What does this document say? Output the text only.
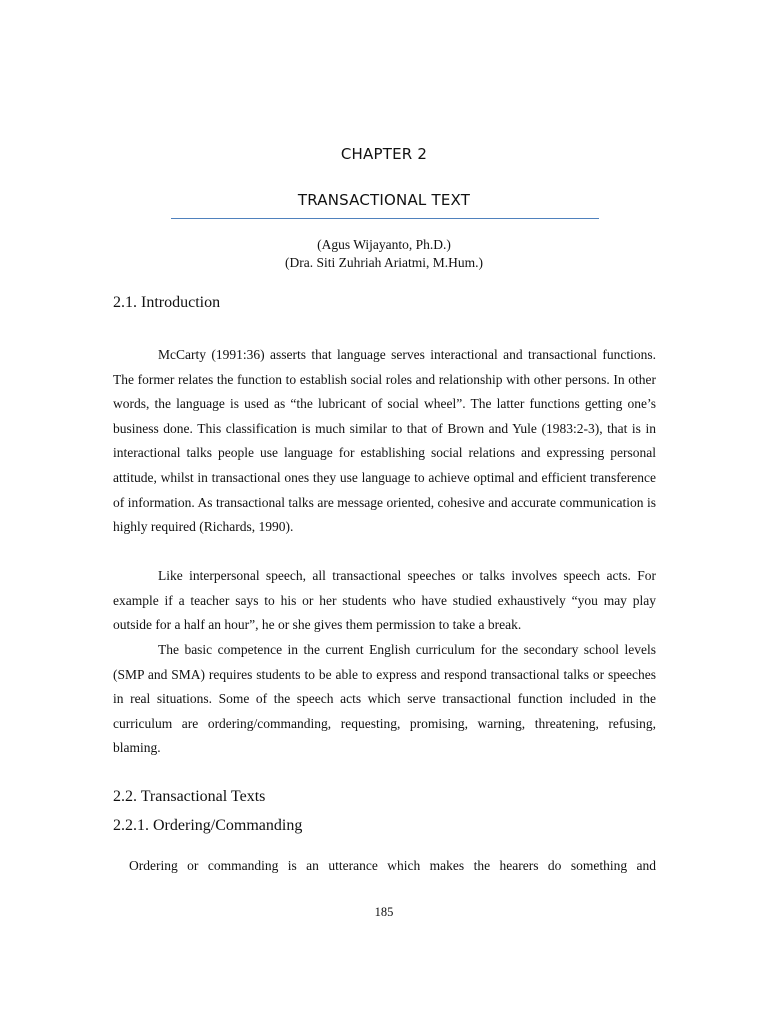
CHAPTER 2
TRANSACTIONAL TEXT
(Agus Wijayanto, Ph.D.)
(Dra. Siti Zuhriah Ariatmi, M.Hum.)
2.1. Introduction

McCarty (1991:36) asserts that language serves interactional and transactional functions. The former relates the function to establish social roles and relationship with other persons. In other words, the language is used as “the lubricant of social wheel”. The latter functions getting one’s business done. This classification is much similar to that of Brown and Yule (1983:2-3), that is in interactional talks people use language for establishing social relations and expressing personal attitude, whilst in transactional ones they use language to achieve optimal and efficient transference of information. As transactional talks are message oriented, cohesive and accurate communication is highly required (Richards, 1990).

Like interpersonal speech, all transactional speeches or talks involves speech acts. For example if a teacher says to his or her students who have studied exhaustively “you may play outside for a half an hour”, he or she gives them permission to take a break.

The basic competence in the current English curriculum for the secondary school levels (SMP and SMA) requires students to be able to express and respond transactional talks or speeches in real situations. Some of the speech acts which serve transactional function included in the curriculum are ordering/commanding, requesting, promising, warning, threatening, refusing, blaming.

2.2. Transactional Texts
2.2.1. Ordering/Commanding
Ordering or commanding is an utterance which makes the hearers do something and
185
